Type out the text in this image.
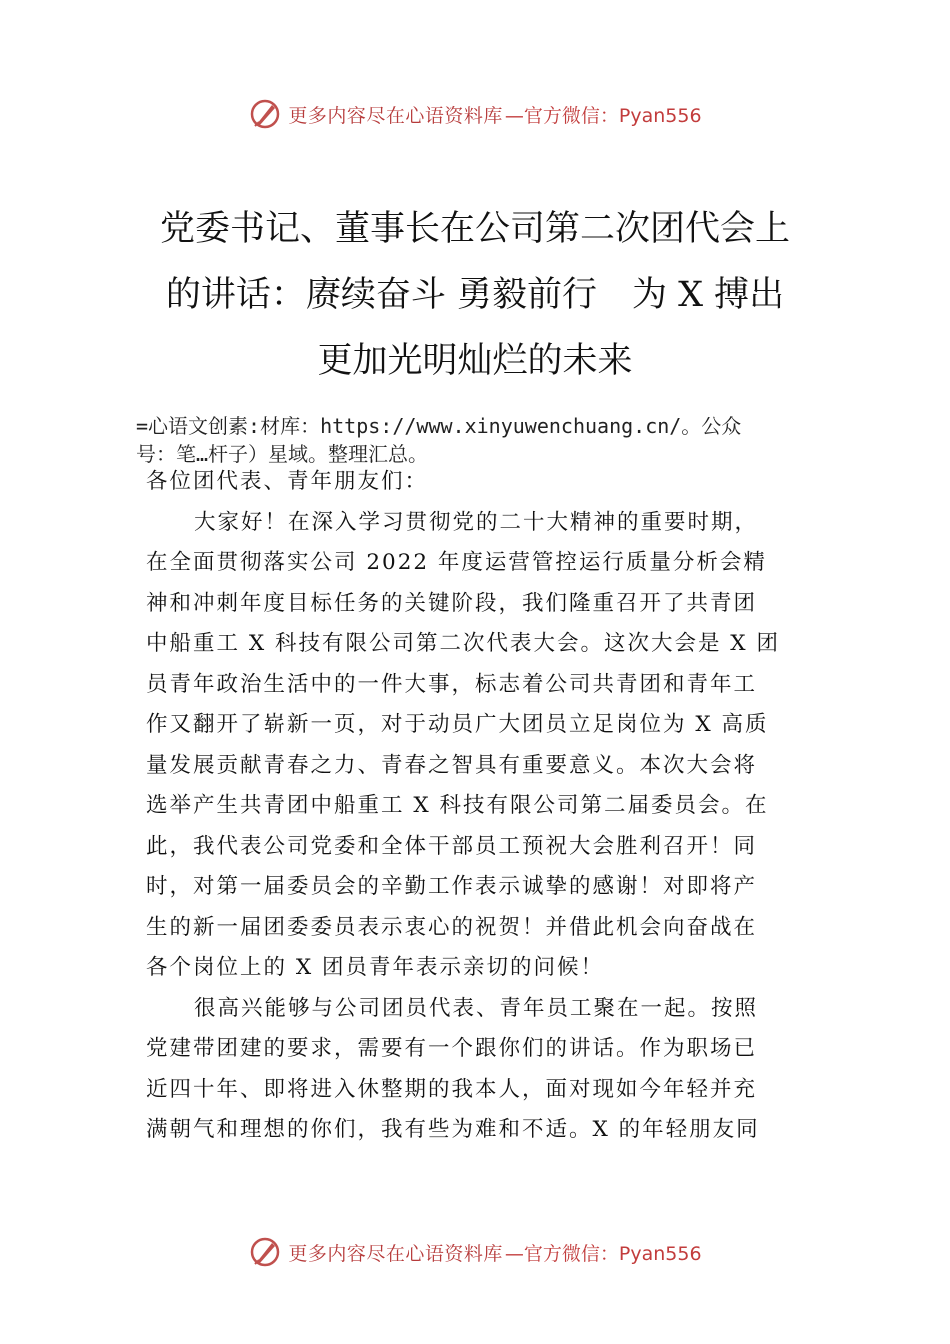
更多内容尽在心语资料库 —官方微信：Pyan556
党委书记、董事长在公司第二次团代会上
的讲话：赓续奋斗 勇毅前行　为 X 搏出
更加光明灿烂的未来
=心语文创素:材库：https://www.xinyuwenchuang.cn/。公众
号：笔…杆子）星域。整理汇总。
各位团代表、青年朋友们：
大家好！在深入学习贯彻党的二十大精神的重要时期，
在全面贯彻落实公司 2022 年度运营管控运行质量分析会精
神和冲刺年度目标任务的关键阶段，我们隆重召开了共青团
中船重工 X 科技有限公司第二次代表大会。这次大会是 X 团
员青年政治生活中的一件大事，标志着公司共青团和青年工
作又翻开了崭新一页，对于动员广大团员立足岗位为 X 高质
量发展贡献青春之力、青春之智具有重要意义。本次大会将
选举产生共青团中船重工 X 科技有限公司第二届委员会。在
此，我代表公司党委和全体干部员工预祝大会胜利召开！同
时，对第一届委员会的辛勤工作表示诚挚的感谢！对即将产
生的新一届团委委员表示衷心的祝贺！并借此机会向奋战在
各个岗位上的 X 团员青年表示亲切的问候！
很高兴能够与公司团员代表、青年员工聚在一起。按照
党建带团建的要求，需要有一个跟你们的讲话。作为职场已
近四十年、即将进入休整期的我本人，面对现如今年轻并充
满朝气和理想的你们，我有些为难和不适。X 的年轻朋友同
更多内容尽在心语资料库 —官方微信：Pyan556
